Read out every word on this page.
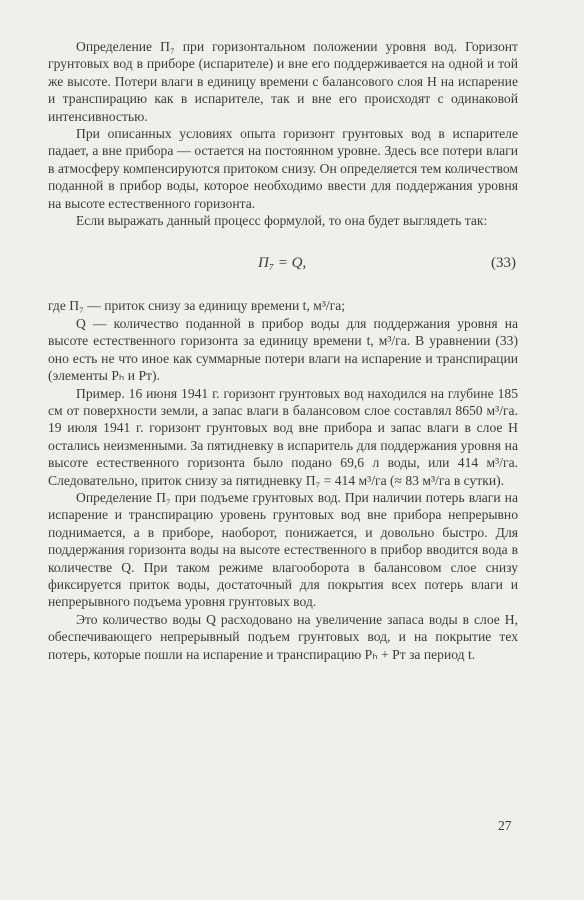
Определение П₇ при горизонтальном положении уровня вод. Горизонт грунтовых вод в приборе (испарителе) и вне его поддерживается на одной и той же высоте. Потери влаги в единицу времени с балансового слоя H на испарение и транспирацию как в испарителе, так и вне его происходят с одинаковой интенсивностью.

При описанных условиях опыта горизонт грунтовых вод в испарителе падает, а вне прибора — остается на постоянном уровне. Здесь все потери влаги в атмосферу компенсируются притоком снизу. Он определяется тем количеством поданной в прибор воды, которое необходимо ввести для поддержания уровня на высоте естественного горизонта.

Если выражать данный процесс формулой, то она будет выглядеть так:

П₇ = Q,	(33)

где П₇ — приток снизу за единицу времени t, м³/га;

Q — количество поданной в прибор воды для поддержания уровня на высоте естественного горизонта за единицу времени t, м³/га. В уравнении (33) оно есть не что иное как суммарные потери влаги на испарение и транспирации (элементы Pₕ и Pт).

Пример. 16 июня 1941 г. горизонт грунтовых вод находился на глубине 185 см от поверхности земли, а запас влаги в балансовом слое составлял 8650 м³/га. 19 июля 1941 г. горизонт грунтовых вод вне прибора и запас влаги в слое H остались неизменными. За пятидневку в испаритель для поддержания уровня на высоте естественного горизонта было подано 69,6 л воды, или 414 м³/га. Следовательно, приток снизу за пятидневку П₇ = 414 м³/га (≈ 83 м³/га в сутки).

Определение П₇ при подъеме грунтовых вод. При наличии потерь влаги на испарение и транспирацию уровень грунтовых вод вне прибора непрерывно поднимается, а в приборе, наоборот, понижается, и довольно быстро. Для поддержания горизонта воды на высоте естественного в прибор вводится вода в количестве Q. При таком режиме влагооборота в балансовом слое снизу фиксируется приток воды, достаточный для покрытия всех потерь влаги и непрерывного подъема уровня грунтовых вод.

Это количество воды Q расходовано на увеличение запаса воды в слое H, обеспечивающего непрерывный подъем грунтовых вод, и на покрытие тех потерь, которые пошли на испарение и транспирацию Pₕ + Pт за период t.

27
